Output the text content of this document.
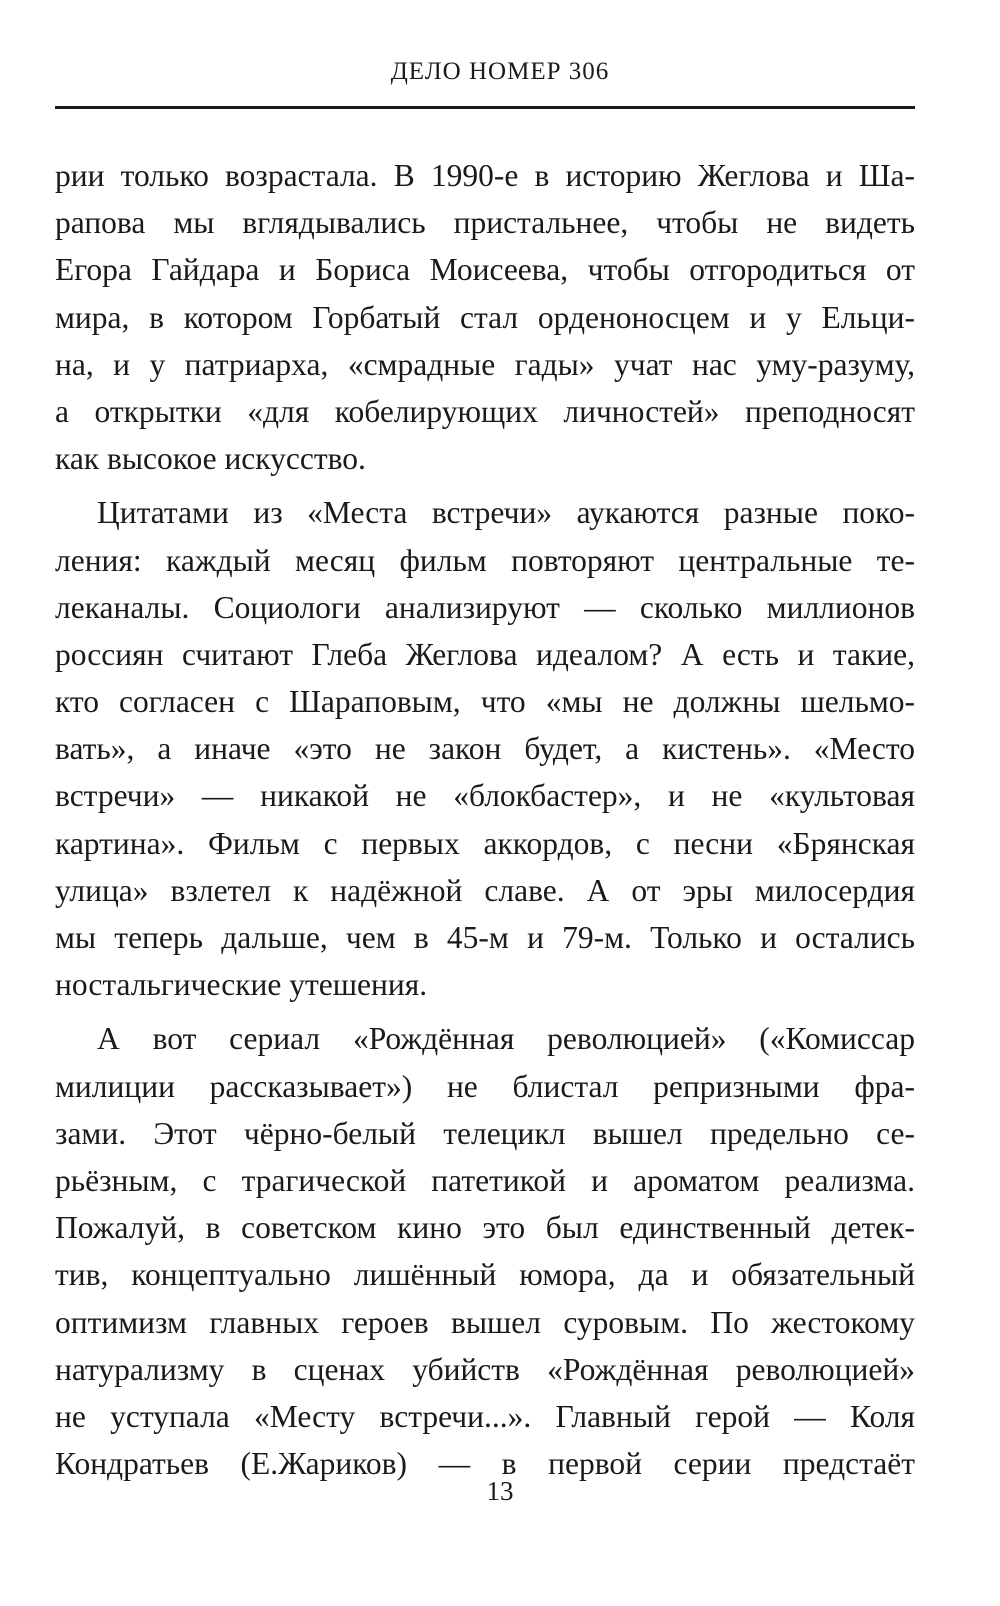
ДЕЛО НОМЕР 306

рии только возрастала. В 1990-е в историю Жеглова и Ша-
рапова мы вглядывались пристальнее, чтобы не видеть
Егора Гайдара и Бориса Моисеева, чтобы отгородиться от
мира, в котором Горбатый стал орденоносцем и у Ельци-
на, и у патриарха, «смрадные гады» учат нас уму-разуму,
а открытки «для кобелирующих личностей» преподносят
как высокое искусство.

Цитатами из «Места встречи» аукаются разные поко-
ления: каждый месяц фильм повторяют центральные те-
леканалы. Социологи анализируют — сколько миллионов
россиян считают Глеба Жеглова идеалом? А есть и такие,
кто согласен с Шараповым, что «мы не должны шельмо-
вать», а иначе «это не закон будет, а кистень». «Место
встречи» — никакой не «блокбастер», и не «культовая
картина». Фильм с первых аккордов, с песни «Брянская
улица» взлетел к надёжной славе. А от эры милосердия
мы теперь дальше, чем в 45-м и 79-м. Только и остались
ностальгические утешения.

А вот сериал «Рождённая революцией» («Комиссар
милиции рассказывает») не блистал репризными фра-
зами. Этот чёрно-белый телецикл вышел предельно се-
рьёзным, с трагической патетикой и ароматом реализма.
Пожалуй, в советском кино это был единственный детек-
тив, концептуально лишённый юмора, да и обязательный
оптимизм главных героев вышел суровым. По жестокому
натурализму в сценах убийств «Рождённая революцией»
не уступала «Месту встречи...». Главный герой — Коля
Кондратьев (Е.Жариков) — в первой серии предстаёт

13
